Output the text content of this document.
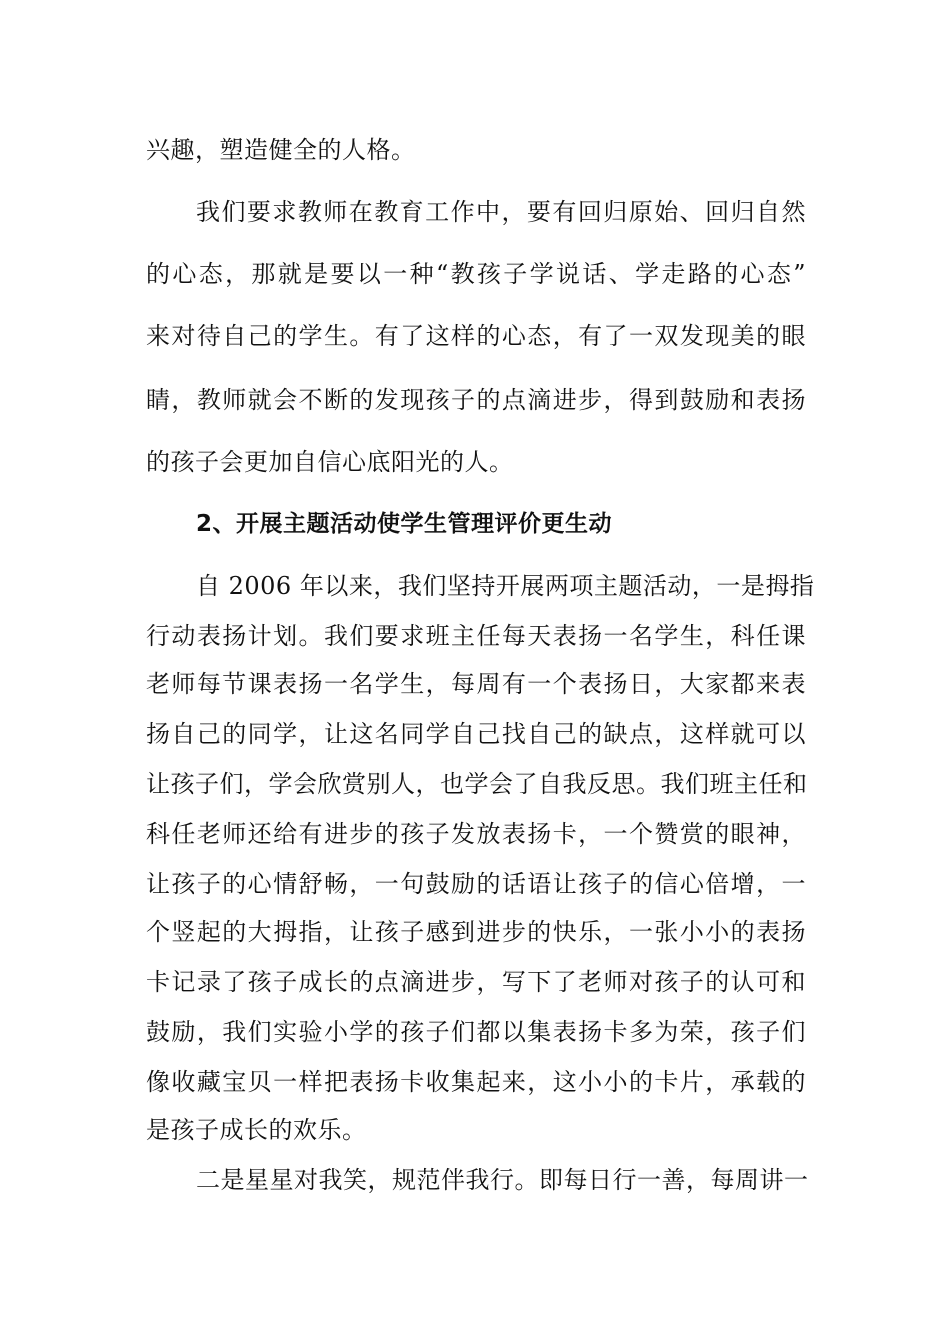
兴趣，塑造健全的人格。
我们要求教师在教育工作中，要有回归原始、回归自然
的心态，那就是要以一种“教孩子学说话、学走路的心态”
来对待自己的学生。有了这样的心态，有了一双发现美的眼
睛，教师就会不断的发现孩子的点滴进步，得到鼓励和表扬
的孩子会更加自信心底阳光的人。
2、开展主题活动使学生管理评价更生动
自 2006 年以来，我们坚持开展两项主题活动，一是拇指
行动表扬计划。我们要求班主任每天表扬一名学生，科任课
老师每节课表扬一名学生，每周有一个表扬日，大家都来表
扬自己的同学，让这名同学自己找自己的缺点，这样就可以
让孩子们，学会欣赏别人，也学会了自我反思。我们班主任和
科任老师还给有进步的孩子发放表扬卡，一个赞赏的眼神，
让孩子的心情舒畅，一句鼓励的话语让孩子的信心倍增，一
个竖起的大拇指，让孩子感到进步的快乐，一张小小的表扬
卡记录了孩子成长的点滴进步，写下了老师对孩子的认可和
鼓励，我们实验小学的孩子们都以集表扬卡多为荣，孩子们
像收藏宝贝一样把表扬卡收集起来，这小小的卡片，承载的
是孩子成长的欢乐。
二是星星对我笑，规范伴我行。即每日行一善，每周讲一
